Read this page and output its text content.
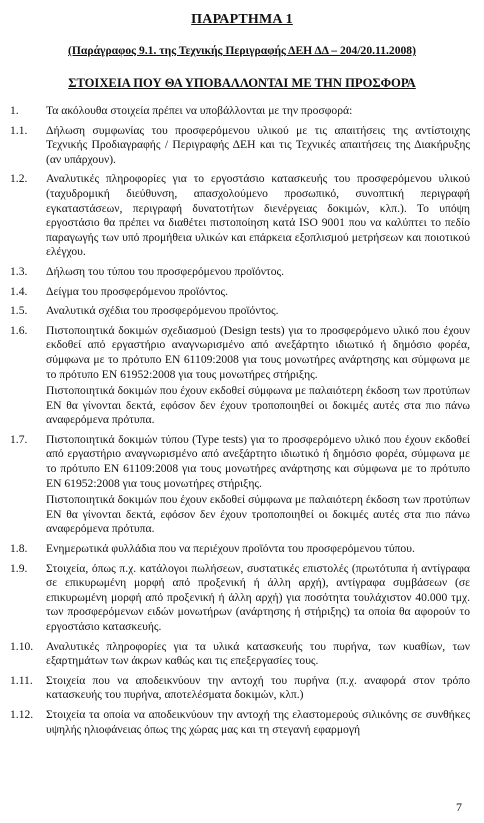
ΠΑΡΑΡΤΗΜΑ 1
(Παράγραφος 9.1. της Τεχνικής Περιγραφής ΔΕΗ ΔΔ – 204/20.11.2008)
ΣΤΟΙΧΕΙΑ ΠΟΥ ΘΑ ΥΠΟΒΑΛΛΟΝΤΑΙ ΜΕ ΤΗΝ ΠΡΟΣΦΟΡΑ
1.	Τα ακόλουθα στοιχεία πρέπει να υποβάλλονται με την προσφορά:

1.1.	Δήλωση συμφωνίας του προσφερόμενου υλικού με τις απαιτήσεις της αντίστοιχης Τεχνικής Προδιαγραφής / Περιγραφής ΔΕΗ και τις Τεχνικές απαιτήσεις της Διακήρυξης (αν υπάρχουν).

1.2.	Αναλυτικές πληροφορίες για το εργοστάσιο κατασκευής του προσφερόμενου υλικού (ταχυδρομική διεύθυνση, απασχολούμενο προσωπικό, συνοπτική περιγραφή εγκαταστάσεων, περιγραφή δυνατοτήτων διενέργειας δοκιμών, κλπ.). Το υπόψη εργοστάσιο θα πρέπει να διαθέτει πιστοποίηση κατά ISO 9001 που να καλύπτει το πεδίο παραγωγής των υπό προμήθεια υλικών και επάρκεια εξοπλισμού μετρήσεων και ποιοτικού ελέγχου.

1.3.	Δήλωση του τύπου του προσφερόμενου προϊόντος.

1.4.	Δείγμα του προσφερόμενου προϊόντος.

1.5.	Αναλυτικά σχέδια του προσφερόμενου προϊόντος.

1.6.	Πιστοποιητικά δοκιμών σχεδιασμού (Design tests) για το προσφερόμενο υλικό που έχουν εκδοθεί από εργαστήριο αναγνωρισμένο από ανεξάρτητο ιδιωτικό ή δημόσιο φορέα, σύμφωνα με το πρότυπο ΕΝ 61109:2008 για τους μονωτήρες ανάρτησης και σύμφωνα με το πρότυπο ΕΝ 61952:2008 για τους μονωτήρες στήριξης.

Πιστοποιητικά δοκιμών που έχουν εκδοθεί σύμφωνα με παλαιότερη έκδοση των προτύπων ΕΝ θα γίνονται δεκτά, εφόσον δεν έχουν τροποποιηθεί οι δοκιμές αυτές στα πιο πάνω αναφερόμενα πρότυπα.

1.7.	Πιστοποιητικά δοκιμών τύπου (Type tests) για το προσφερόμενο υλικό που έχουν εκδοθεί από εργαστήριο αναγνωρισμένο από ανεξάρτητο ιδιωτικό ή δημόσιο φορέα, σύμφωνα με το πρότυπο ΕΝ 61109:2008 για τους μονωτήρες ανάρτησης και σύμφωνα με το πρότυπο ΕΝ 61952:2008 για τους μονωτήρες στήριξης.

Πιστοποιητικά δοκιμών που έχουν εκδοθεί σύμφωνα με παλαιότερη έκδοση των προτύπων ΕΝ θα γίνονται δεκτά, εφόσον δεν έχουν τροποποιηθεί οι δοκιμές αυτές στα πιο πάνω αναφερόμενα πρότυπα.

1.8.	Ενημερωτικά φυλλάδια που να περιέχουν προϊόντα του προσφερόμενου τύπου.

1.9.	Στοιχεία, όπως π.χ. κατάλογοι πωλήσεων, συστατικές επιστολές (πρωτότυπα ή αντίγραφα σε επικυρωμένη μορφή από προξενική ή άλλη αρχή), αντίγραφα συμβάσεων (σε επικυρωμένη μορφή από προξενική ή άλλη αρχή) για ποσότητα τουλάχιστον 40.000 τμχ. των προσφερόμενων ειδών μονωτήρων (ανάρτησης ή στήριξης) τα οποία θα αφορούν το εργοστάσιο κατασκευής.

1.10.	Αναλυτικές πληροφορίες για τα υλικά κατασκευής του πυρήνα, των κυαθίων, των εξαρτημάτων των άκρων καθώς και τις επεξεργασίες τους.

1.11.	Στοιχεία που να αποδεικνύουν την αντοχή του πυρήνα (π.χ. αναφορά στον τρόπο κατασκευής του πυρήνα, αποτελέσματα δοκιμών, κλπ.)

1.12.	Στοιχεία τα οποία να αποδεικνύουν την αντοχή της ελαστομερούς σιλικόνης σε συνθήκες υψηλής ηλιοφάνειας όπως της χώρας μας και τη στεγανή εφαρμογή

7
